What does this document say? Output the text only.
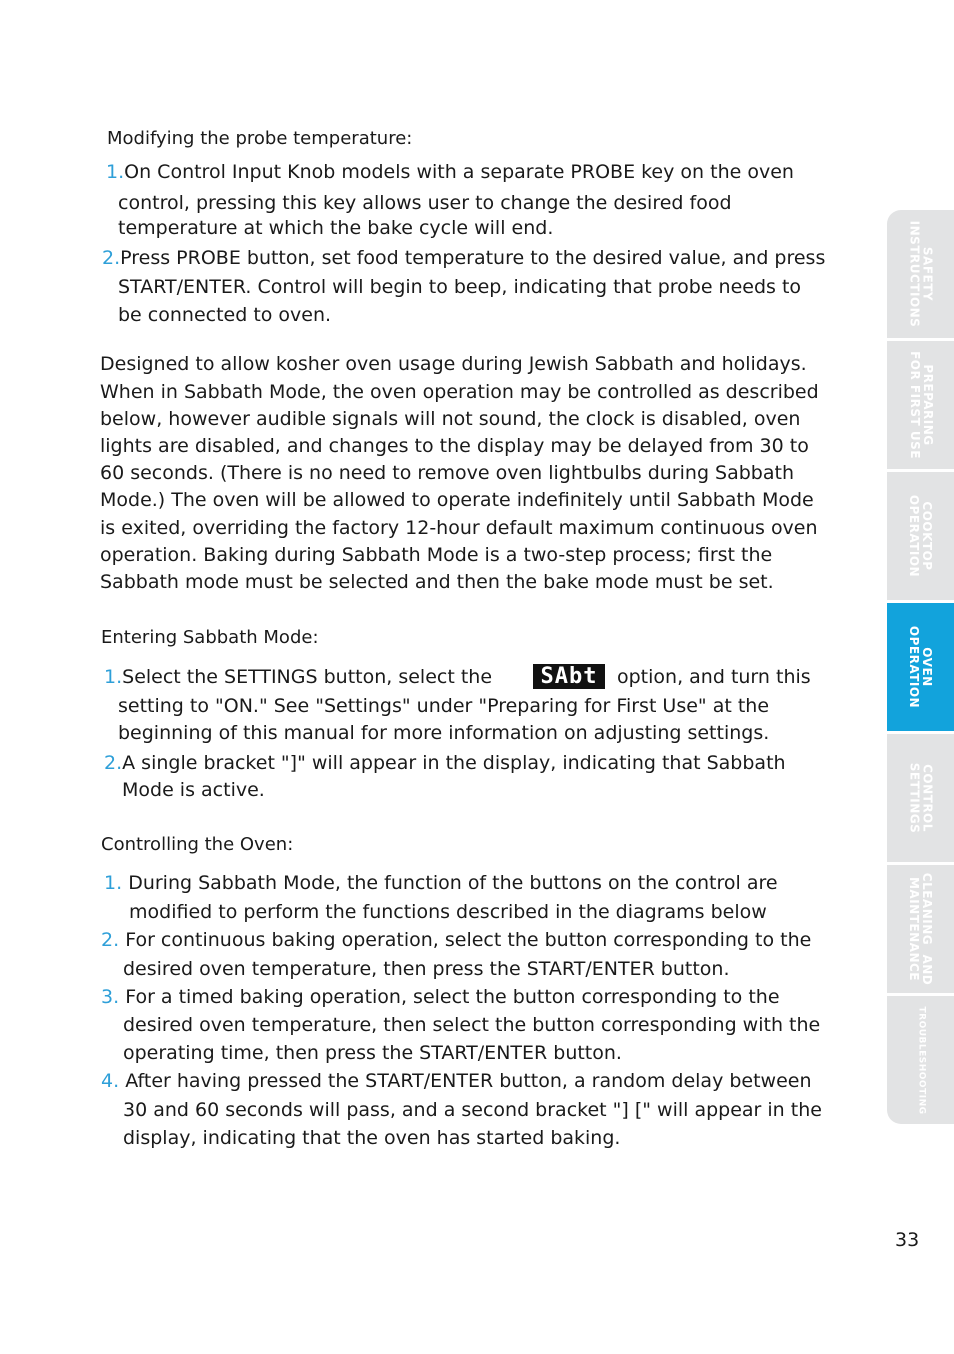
Modifying the probe temperature:

1.On Control Input Knob models with a separate PROBE key on the oven
control, pressing this key allows user to change the desired food
temperature at which the bake cycle will end.
2.Press PROBE button, set food temperature to the desired value, and press
START/ENTER. Control will begin to beep, indicating that probe needs to
be connected to oven.
Designed to allow kosher oven usage during Jewish Sabbath and holidays.
When in Sabbath Mode, the oven operation may be controlled as described
below, however audible signals will not sound, the clock is disabled, oven
lights are disabled, and changes to the display may be delayed from 30 to
60 seconds. (There is no need to remove oven lightbulbs during Sabbath
Mode.) The oven will be allowed to operate indefinitely until Sabbath Mode
is exited, overriding the factory 12-hour default maximum continuous oven
operation. Baking during Sabbath Mode is a two-step process; first the
Sabbath mode must be selected and then the bake mode must be set.

Entering Sabbath Mode:

1.Select the SETTINGS button, select the SAbt option, and turn this
setting to "ON." See "Settings" under "Preparing for First Use" at the
beginning of this manual for more information on adjusting settings.
2.A single bracket "]" will appear in the display, indicating that Sabbath
Mode is active.

Controlling the Oven:

1. During Sabbath Mode, the function of the buttons on the control are
modified to perform the functions described in the diagrams below
2. For continuous baking operation, select the button corresponding to the
desired oven temperature, then press the START/ENTER button.
3. For a timed baking operation, select the button corresponding to the
desired oven temperature, then select the button corresponding with the
operating time, then press the START/ENTER button.
4. After having pressed the START/ENTER button, a random delay between
30 and 60 seconds will pass, and a second bracket "] [" will appear in the
display, indicating that the oven has started baking.
SAFETY
INSTRUCTIONS
PREPARING
FOR FIRST USE
COOKTOP
OPERATION
OVEN
OPERATION
CONTROL
SETTINGS
CLEANING  AND
MAINTENANCE
TROUBLESHOOTING
33
